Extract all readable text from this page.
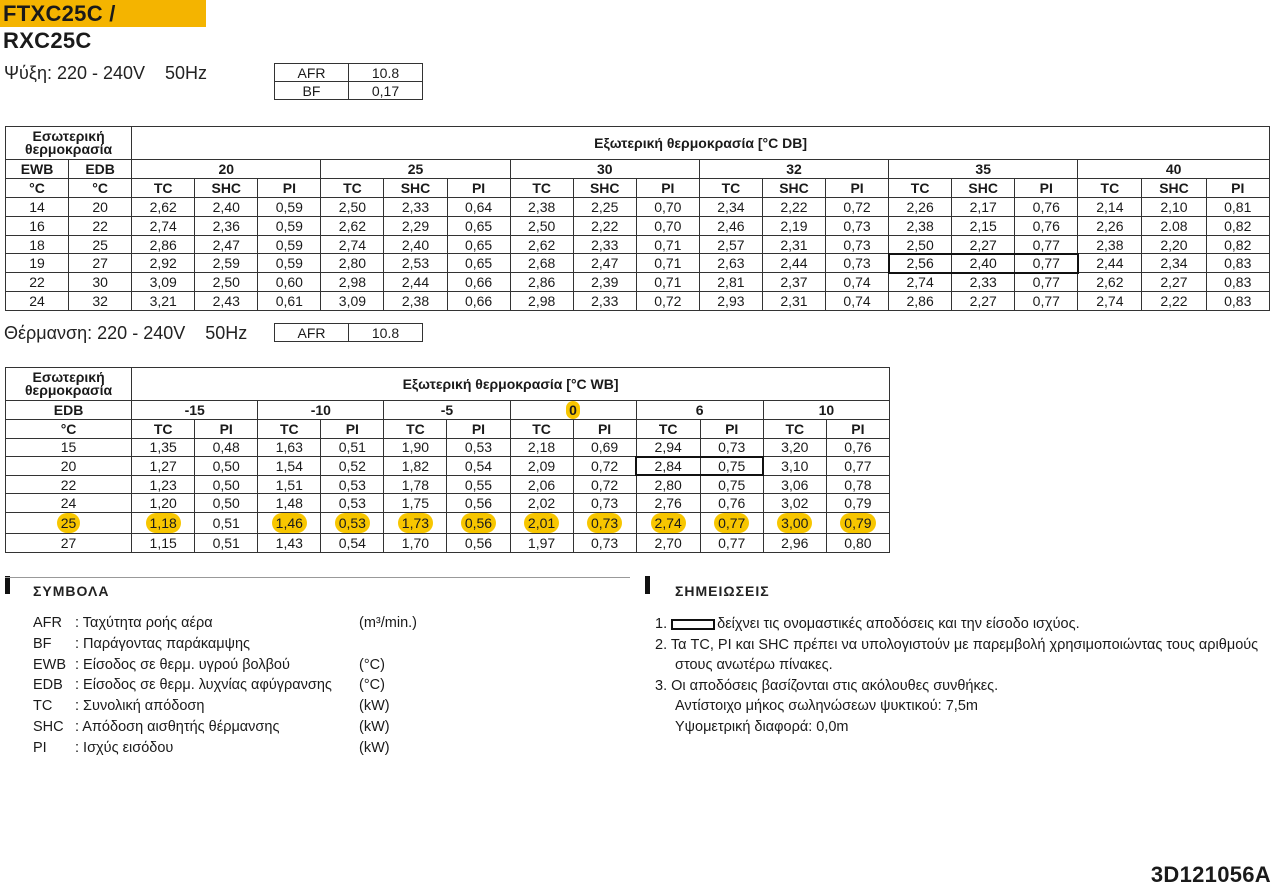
FTXC25C / RXC25C
Ψύξη: 220 - 240V 50Hz	AFR	10.8
BF	0,17
Εσωτερική θερμοκρασία		Εξωτερική θερμοκρασία [°C DB]																	
EWB	EDB	20			25			30			32			35			40		
°C	°C	TC	SHC	PI	TC	SHC	PI	TC	SHC	PI	TC	SHC	PI	TC	SHC	PI	TC	SHC	PI
14	20	2,62	2,40	0,59	2,50	2,33	0,64	2,38	2,25	0,70	2,34	2,22	0,72	2,26	2,17	0,76	2,14	2,10	0,81
16	22	2,74	2,36	0,59	2,62	2,29	0,65	2,50	2,22	0,70	2,46	2,19	0,73	2,38	2,15	0,76	2,26	2.08	0,82
18	25	2,86	2,47	0,59	2,74	2,40	0,65	2,62	2,33	0,71	2,57	2,31	0,73	2,50	2,27	0,77	2,38	2,20	0,82
19	27	2,92	2,59	0,59	2,80	2,53	0,65	2,68	2,47	0,71	2,63	2,44	0,73	2,56	2,40	0,77	2,44	2,34	0,83
22	30	3,09	2,50	0,60	2,98	2,44	0,66	2,86	2,39	0,71	2,81	2,37	0,74	2,74	2,33	0,77	2,62	2,27	0,83
24	32	3,21	2,43	0,61	3,09	2,38	0,66	2,98	2,33	0,72	2,93	2,31	0,74	2,86	2,27	0,77	2,74	2,22	0,83
Θέρμανση: 220 - 240V 50Hz	AFR	10.8
Εσωτερική θερμοκρασία	Εξωτερική θερμοκρασία [°C WB]											
EDB	-15		-10		-5		0		6		10	
°C	TC	PI	TC	PI	TC	PI	TC	PI	TC	PI	TC	PI
15	1,35	0,48	1,63	0,51	1,90	0,53	2,18	0,69	2,94	0,73	3,20	0,76
20	1,27	0,50	1,54	0,52	1,82	0,54	2,09	0,72	2,84	0,75	3,10	0,77
22	1,23	0,50	1,51	0,53	1,78	0,55	2,06	0,72	2,80	0,75	3,06	0,78
24	1,20	0,50	1,48	0,53	1,75	0,56	2,02	0,73	2,76	0,76	3,02	0,79
25	1,18	0,51	1,46	0,53	1,73	0,56	2,01	0,73	2,74	0,77	3,00	0,79
27	1,15	0,51	1,43	0,54	1,70	0,56	1,97	0,73	2,70	0,77	2,96	0,80
ΣΥΜΒΟΛΑ
AFR : Ταχύτητα ροής αέρα	(m³/min.)
BF : Παράγοντας παράκαμψης
EWB : Είσοδος σε θερμ. υγρού βολβού	(°C)
EDB : Είσοδος σε θερμ. λυχνίας αφύγρανσης (°C)
TC : Συνολική απόδοση	(kW)
SHC : Απόδοση αισθητής θέρμανσης	(kW)
PI : Ισχύς εισόδου	(kW)
ΣΗΜΕΙΩΣΕΙΣ
1.	δείχνει τις ονομαστικές αποδόσεις και την είσοδο ισχύος.
2. Τα TC, PI και SHC πρέπει να υπολογιστούν με παρεμβολή χρησιμοποιώντας τους αριθμούς
στους ανωτέρω πίνακες.
3. Οι αποδόσεις βασίζονται στις ακόλουθες συνθήκες.
Αντίστοιχο μήκος σωληνώσεων ψυκτικού: 7,5m
Υψομετρική διαφορά: 0,0m
3D121056A
